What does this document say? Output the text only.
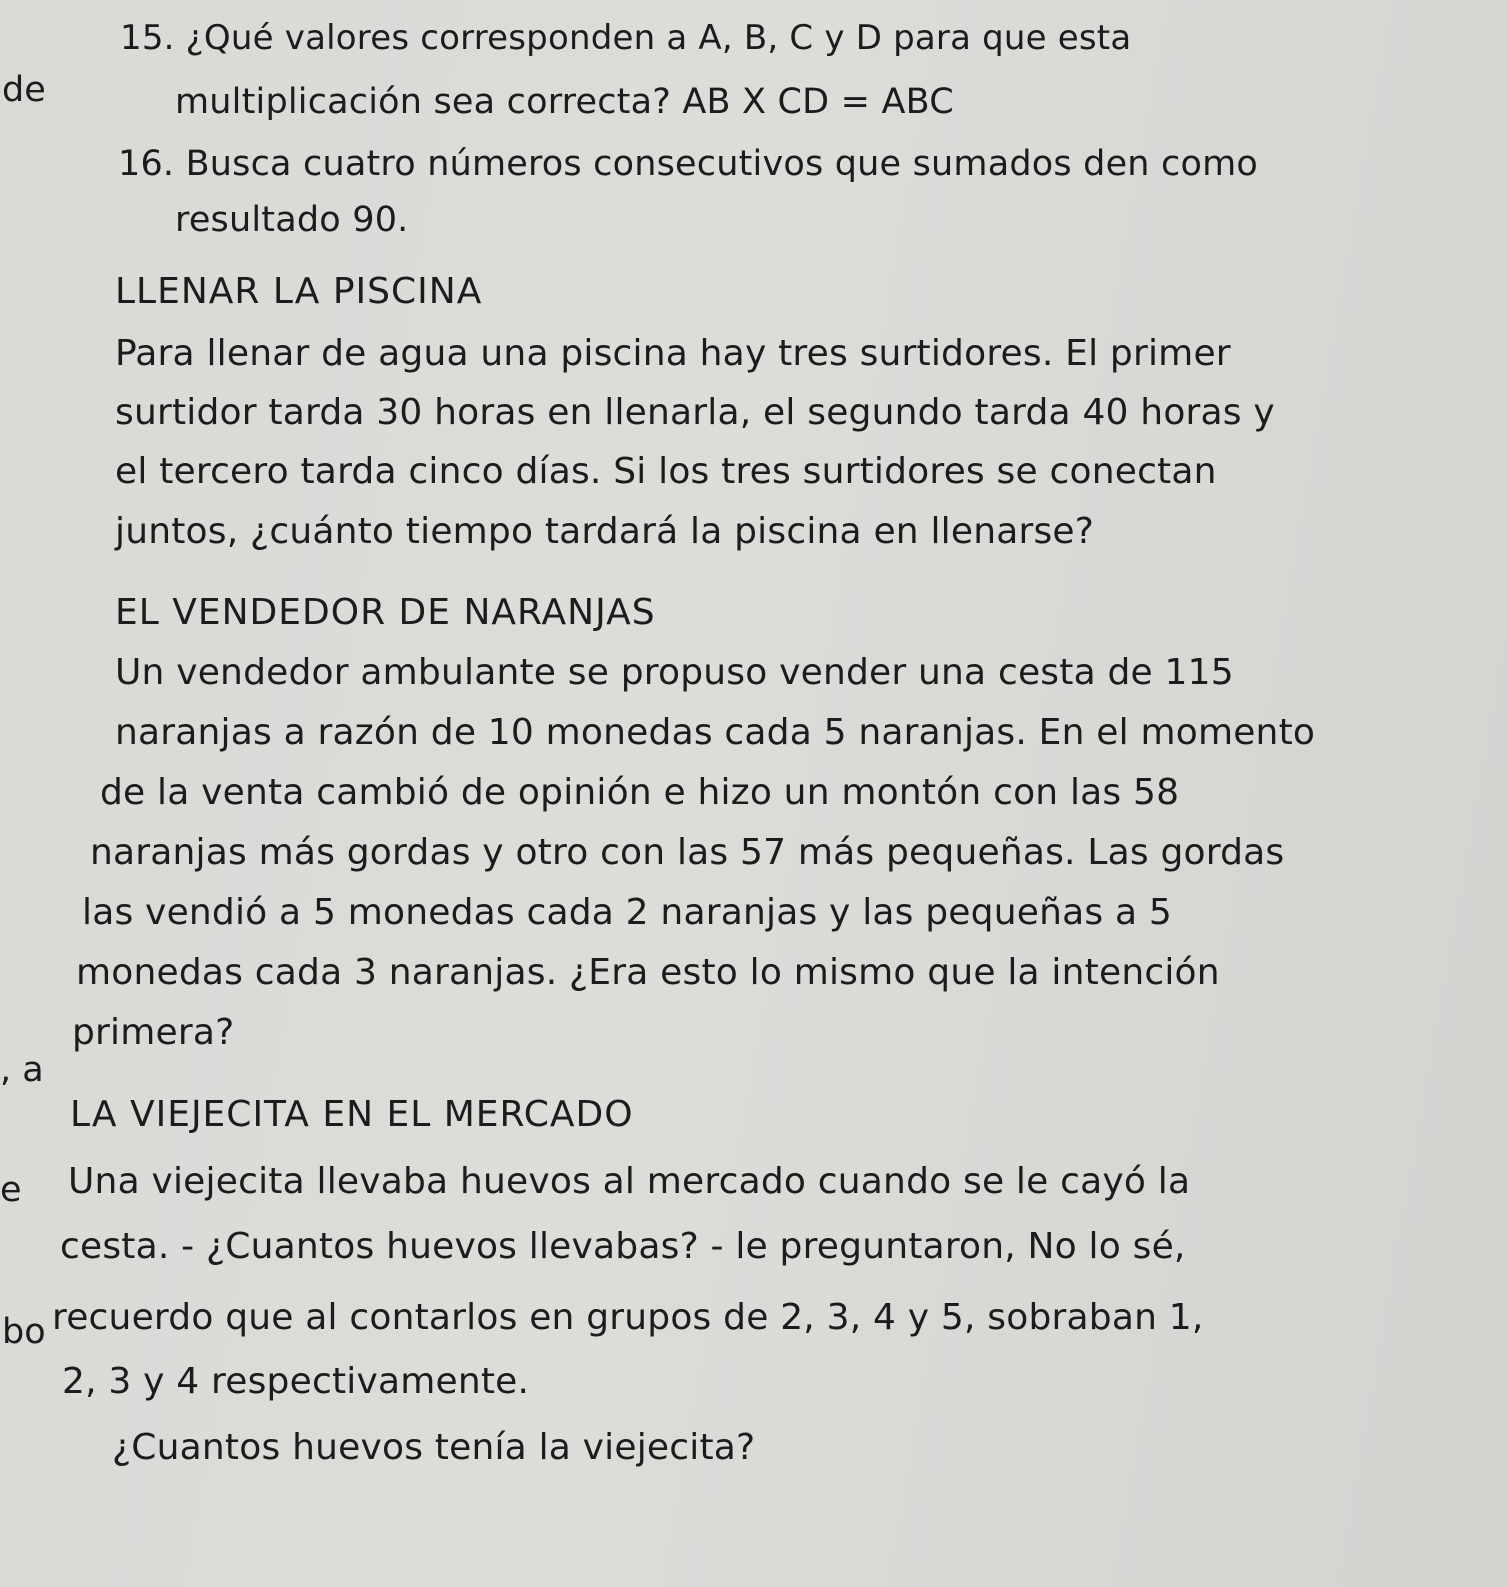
de
, a
e
bo
15. ¿Qué valores corresponden a A, B, C y D para que esta
multiplicación sea correcta? AB X CD = ABC
16. Busca cuatro números consecutivos que sumados den como
resultado 90.
LLENAR LA PISCINA
Para llenar de agua una piscina hay tres surtidores. El primer
surtidor tarda 30 horas en llenarla, el segundo tarda 40 horas y
el tercero tarda cinco días. Si los tres surtidores se conectan
juntos, ¿cuánto tiempo tardará la piscina en llenarse?
EL VENDEDOR DE NARANJAS
Un vendedor ambulante se propuso vender una cesta de 115
naranjas a razón de 10 monedas cada 5 naranjas. En el momento
de la venta cambió de opinión e hizo un montón con las 58
naranjas más gordas y otro con las 57 más pequeñas. Las gordas
las vendió a 5 monedas cada 2 naranjas y las pequeñas a 5
monedas cada 3 naranjas. ¿Era esto lo mismo que la intención
primera?
LA VIEJECITA EN EL MERCADO
Una viejecita llevaba huevos al mercado cuando se le cayó la
cesta. - ¿Cuantos huevos llevabas? - le preguntaron, No lo sé,
recuerdo que al contarlos en grupos de 2, 3, 4 y 5, sobraban 1,
2, 3 y 4 respectivamente.
¿Cuantos huevos tenía la viejecita?
